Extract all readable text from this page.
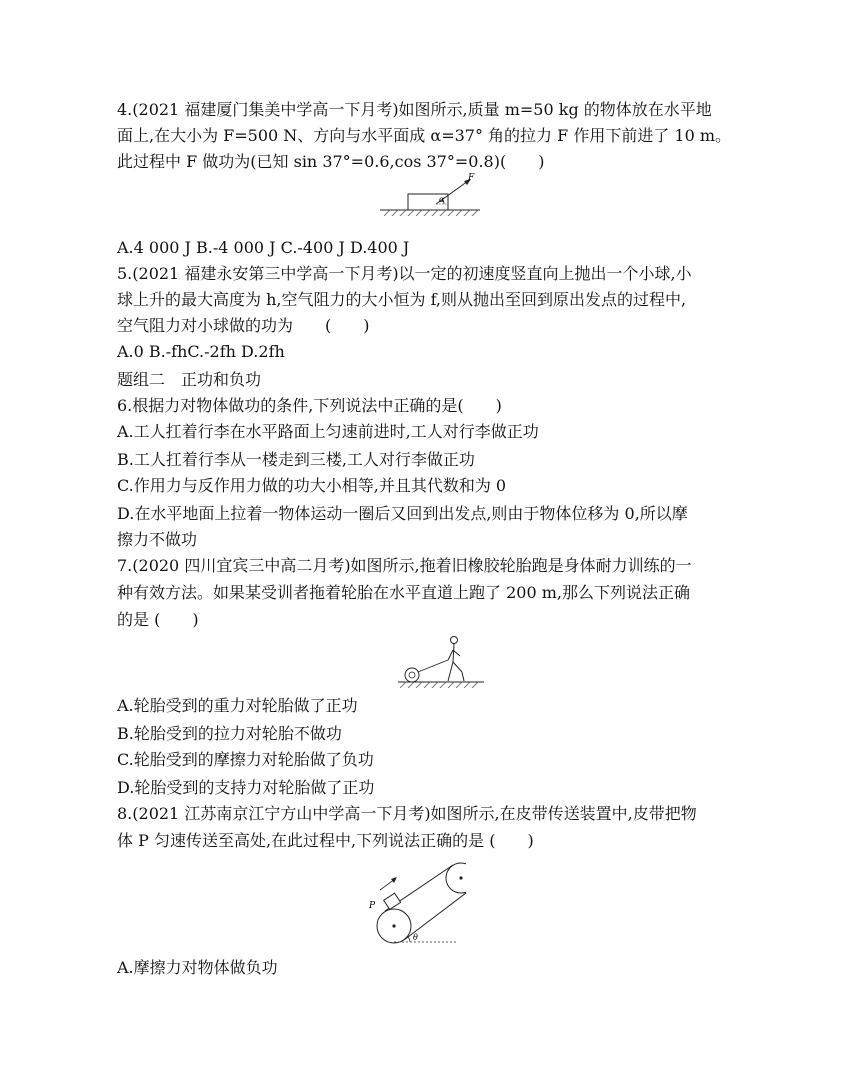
4.(2021 福建厦门集美中学高一下月考)如图所示,质量 m=50 kg 的物体放在水平地
面上,在大小为 F=500 N、方向与水平面成 α=37° 角的拉力 F 作用下前进了 10 m。
此过程中 F 做功为(已知 sin 37°=0.6,cos 37°=0.8)(　　)
F
α
A.4 000 J B.-4 000 J C.-400 J D.400 J
5.(2021 福建永安第三中学高一下月考)以一定的初速度竖直向上抛出一个小球,小
球上升的最大高度为 h,空气阻力的大小恒为 f,则从抛出至回到原出发点的过程中,
空气阻力对小球做的功为　　(　　)
A.0 B.-fhC.-2fh D.2fh
题组二　正功和负功
6.根据力对物体做功的条件,下列说法中正确的是(　　)
A.工人扛着行李在水平路面上匀速前进时,工人对行李做正功
B.工人扛着行李从一楼走到三楼,工人对行李做正功
C.作用力与反作用力做的功大小相等,并且其代数和为 0
D.在水平地面上拉着一物体运动一圈后又回到出发点,则由于物体位移为 0,所以摩
擦力不做功
7.(2020 四川宜宾三中高二月考)如图所示,拖着旧橡胶轮胎跑是身体耐力训练的一
种有效方法。如果某受训者拖着轮胎在水平直道上跑了 200 m,那么下列说法正确
的是 (　　)
A.轮胎受到的重力对轮胎做了正功
B.轮胎受到的拉力对轮胎不做功
C.轮胎受到的摩擦力对轮胎做了负功
D.轮胎受到的支持力对轮胎做了正功
8.(2021 江苏南京江宁方山中学高一下月考)如图所示,在皮带传送装置中,皮带把物
体 P 匀速传送至高处,在此过程中,下列说法正确的是 (　　)
P
θ
A.摩擦力对物体做负功
